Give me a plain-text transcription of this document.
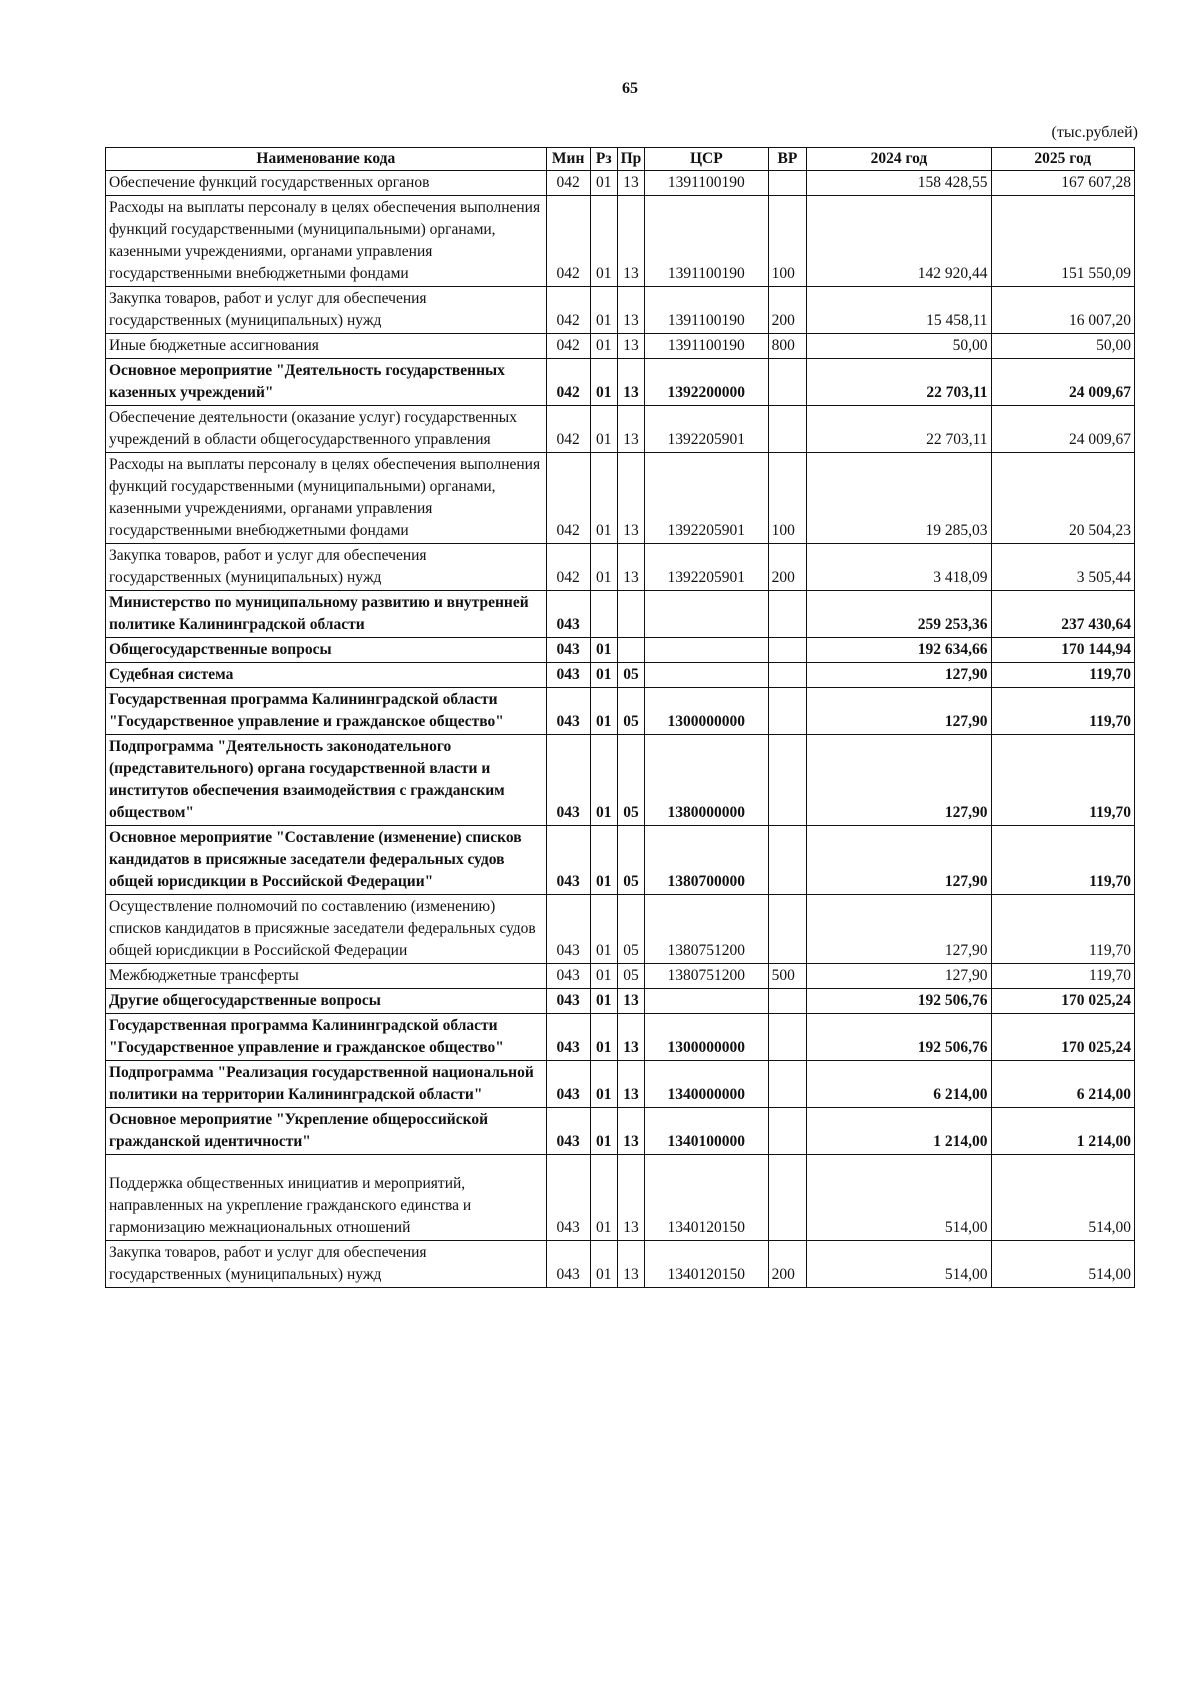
65
(тыс.рублей)
Наименование кода	Мин	Рз	Пр	ЦСР	ВР	2024 год	2025 год
Обеспечение функций государственных органов	042	01	13	1391100190		158 428,55	167 607,28
Расходы на выплаты персоналу в целях обеспечения выполнения функций государственными (муниципальными) органами, казенными учреждениями, органами управления государственными внебюджетными фондами	042	01	13	1391100190	100	142 920,44	151 550,09
Закупка товаров, работ и услуг для обеспечения государственных (муниципальных) нужд	042	01	13	1391100190	200	15 458,11	16 007,20
Иные бюджетные ассигнования	042	01	13	1391100190	800	50,00	50,00
Основное мероприятие "Деятельность государственных казенных учреждений"	042	01	13	1392200000		22 703,11	24 009,67
Обеспечение деятельности (оказание услуг) государственных учреждений в области общегосударственного управления	042	01	13	1392205901		22 703,11	24 009,67
Расходы на выплаты персоналу в целях обеспечения выполнения функций государственными (муниципальными) органами, казенными учреждениями, органами управления государственными внебюджетными фондами	042	01	13	1392205901	100	19 285,03	20 504,23
Закупка товаров, работ и услуг для обеспечения государственных (муниципальных) нужд	042	01	13	1392205901	200	3 418,09	3 505,44
Министерство по муниципальному развитию и внутренней политике Калининградской области	043					259 253,36	237 430,64
Общегосударственные вопросы	043	01				192 634,66	170 144,94
Судебная система	043	01	05			127,90	119,70
Государственная программа Калининградской области "Государственное управление и гражданское общество"	043	01	05	1300000000		127,90	119,70
Подпрограмма "Деятельность законодательного (представительного) органа государственной власти и институтов обеспечения взаимодействия с гражданским обществом"	043	01	05	1380000000		127,90	119,70
Основное мероприятие "Составление (изменение) списков кандидатов в присяжные заседатели федеральных судов общей юрисдикции в Российской Федерации"	043	01	05	1380700000		127,90	119,70
Осуществление полномочий по составлению (изменению) списков кандидатов в присяжные заседатели федеральных судов общей юрисдикции в Российской Федерации	043	01	05	1380751200		127,90	119,70
Межбюджетные трансферты	043	01	05	1380751200	500	127,90	119,70
Другие общегосударственные вопросы	043	01	13			192 506,76	170 025,24
Государственная программа Калининградской области "Государственное управление и гражданское общество"	043	01	13	1300000000		192 506,76	170 025,24
Подпрограмма "Реализация государственной национальной политики на территории Калининградской области"	043	01	13	1340000000		6 214,00	6 214,00
Основное мероприятие "Укрепление общероссийской гражданской идентичности"	043	01	13	1340100000		1 214,00	1 214,00
Поддержка общественных инициатив и мероприятий, направленных на укрепление гражданского единства и гармонизацию межнациональных отношений	043	01	13	1340120150		514,00	514,00
Закупка товаров, работ и услуг для обеспечения государственных (муниципальных) нужд	043	01	13	1340120150	200	514,00	514,00
